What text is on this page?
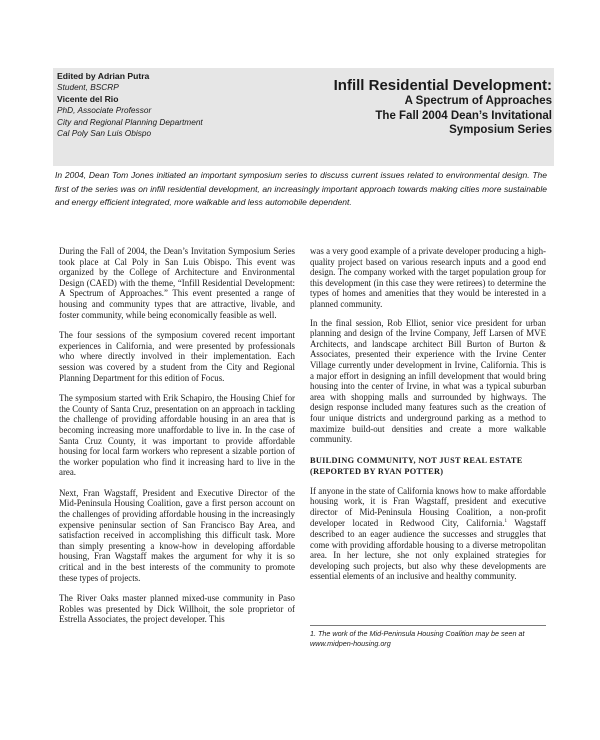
Edited by Adrian Putra
Student, BSCRP
Vicente del Rio
PhD, Associate Professor
City and Regional Planning Department
Cal Poly San Luis Obispo
Infill Residential Development:
A Spectrum of Approaches
The Fall 2004 Dean’s Invitational
Symposium Series
In 2004, Dean Tom Jones initiated an important symposium series to discuss current issues related to environmental design. The first of the series was on infill residential development, an increasingly important approach towards making cities more sustainable and energy efficient integrated, more walkable and less automobile dependent.

During the Fall of 2004, the Dean’s Invitation Symposium Series took place at Cal Poly in San Luis Obispo. This event was organized by the College of Architecture and Environmental Design (CAED) with the theme, “Infill Residential Development: A Spectrum of Approaches.” This event presented a range of housing and community types that are attractive, livable, and foster community, while being economically feasible as well.

The four sessions of the symposium covered recent important experiences in California, and were presented by professionals who where directly involved in their implementation. Each session was covered by a student from the City and Regional Planning Department for this edition of Focus.

The symposium started with Erik Schapiro, the Housing Chief for the County of Santa Cruz, presentation on an approach in tackling the challenge of providing affordable housing in an area that is becoming increasing more unaffordable to live in. In the case of Santa Cruz County, it was important to provide affordable housing for local farm workers who represent a sizable portion of the worker population who find it increasing hard to live in the area.

Next, Fran Wagstaff, President and Executive Director of the Mid-Peninsula Housing Coalition, gave a first person account on the challenges of providing affordable housing in the increasingly expensive peninsular section of San Francisco Bay Area, and satisfaction received in accomplishing this difficult task. More than simply presenting a know-how in developing affordable housing, Fran Wagstaff makes the argument for why it is so critical and in the best interests of the community to promote these types of projects.

The River Oaks master planned mixed-use community in Paso Robles was presented by Dick Willhoit, the sole proprietor of Estrella Associates, the project developer. This

was a very good example of a private developer producing a high-quality project based on various research inputs and a good end design. The company worked with the target population group for this development (in this case they were retirees) to determine the types of homes and amenities that they would be interested in a planned community.

In the final session, Rob Elliot, senior vice president for urban planning and design of the Irvine Company, Jeff Larsen of MVE Architects, and landscape architect Bill Burton of Burton & Associates, presented their experience with the Irvine Center Village currently under development in Irvine, California. This is a major effort in designing an infill development that would bring housing into the center of Irvine, in what was a typical suburban area with shopping malls and surrounded by highways. The design response included many features such as the creation of four unique districts and underground parking as a method to maximize build-out densities and create a more walkable community.

BUILDING COMMUNITY, NOT JUST REAL ESTATE (REPORTED BY RYAN POTTER)

If anyone in the state of California knows how to make affordable housing work, it is Fran Wagstaff, president and executive director of Mid-Peninsula Housing Coalition, a non-profit developer located in Redwood City, California.$^1$ Wagstaff described to an eager audience the successes and struggles that come with providing affordable housing to a diverse metropolitan area. In her lecture, she not only explained strategies for developing such projects, but also why these developments are essential elements of an inclusive and healthy community.

1. The work of the Mid-Peninsula Housing Coalition may be seen at
www.midpen-housing.org
